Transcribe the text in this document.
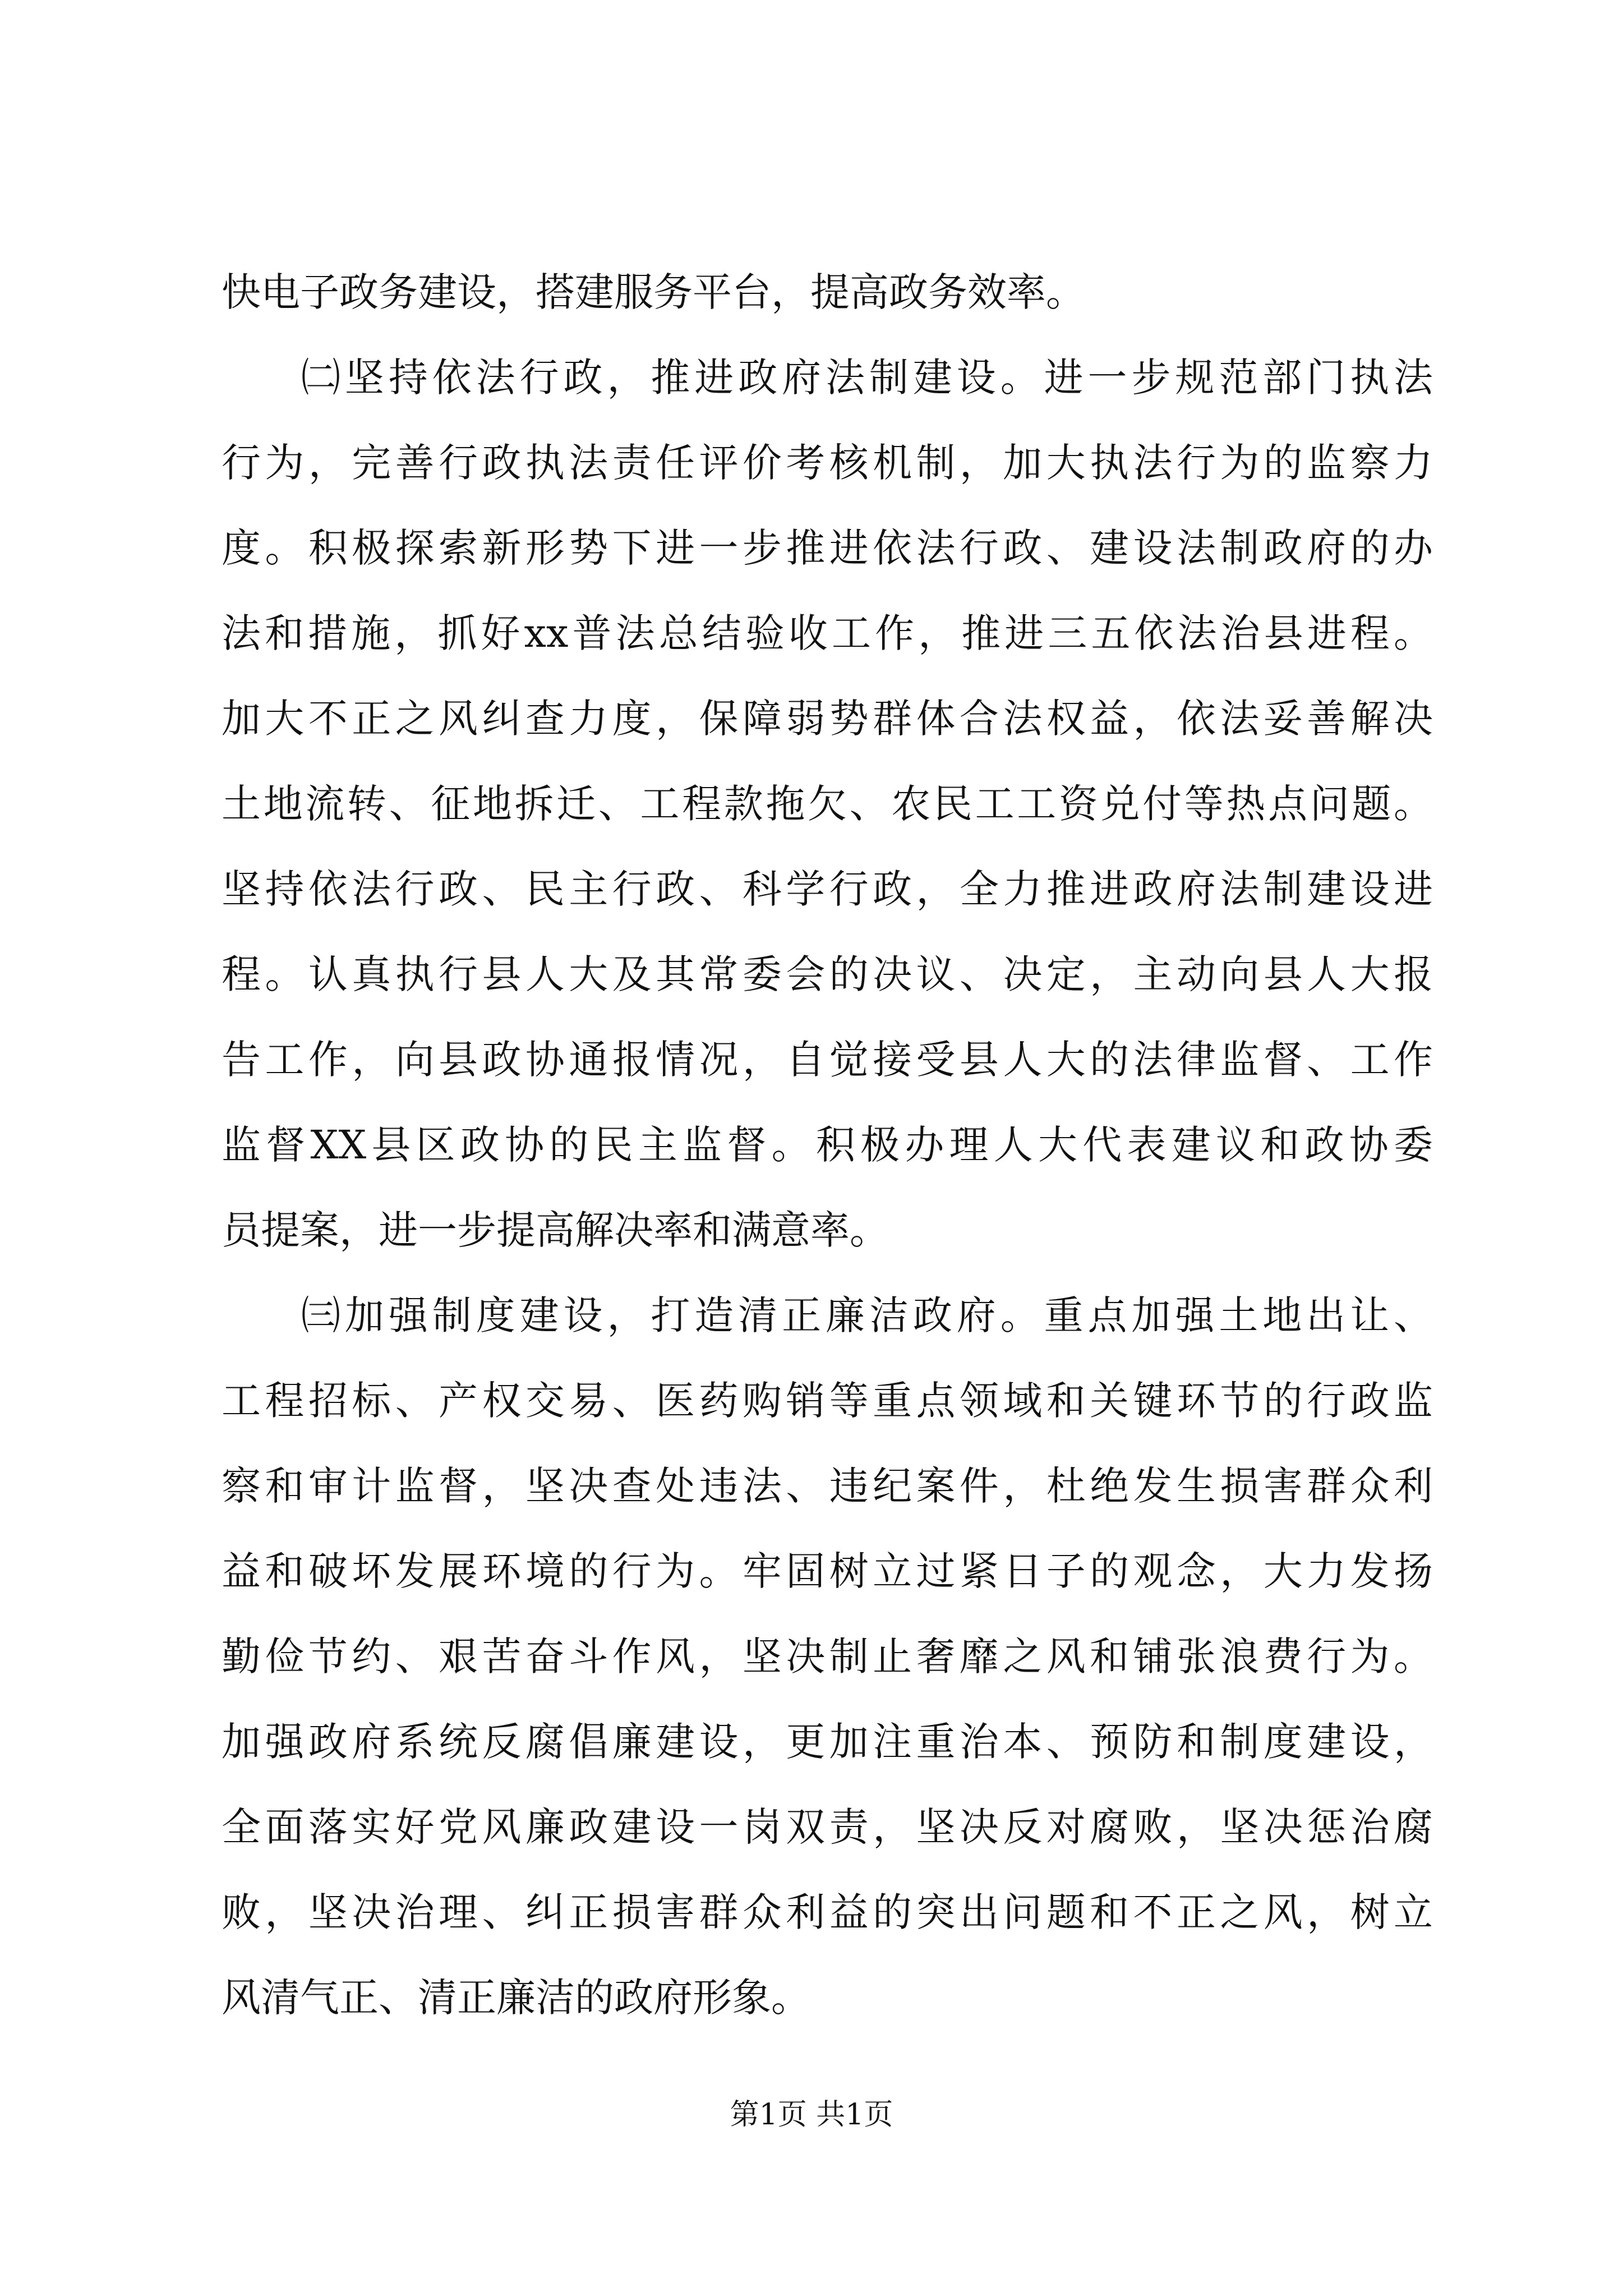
快电子政务建设，搭建服务平台，提高政务效率。
㈡坚持依法行政，推进政府法制建设。进一步规范部门执法
行为，完善行政执法责任评价考核机制，加大执法行为的监察力
度。积极探索新形势下进一步推进依法行政、建设法制政府的办
法和措施，抓好xx普法总结验收工作，推进三五依法治县进程。
加大不正之风纠查力度，保障弱势群体合法权益，依法妥善解决
土地流转、征地拆迁、工程款拖欠、农民工工资兑付等热点问题。
坚持依法行政、民主行政、科学行政，全力推进政府法制建设进
程。认真执行县人大及其常委会的决议、决定，主动向县人大报
告工作，向县政协通报情况，自觉接受县人大的法律监督、工作
监督XX县区政协的民主监督。积极办理人大代表建议和政协委
员提案，进一步提高解决率和满意率。
㈢加强制度建设，打造清正廉洁政府。重点加强土地出让、
工程招标、产权交易、医药购销等重点领域和关键环节的行政监
察和审计监督，坚决查处违法、违纪案件，杜绝发生损害群众利
益和破坏发展环境的行为。牢固树立过紧日子的观念，大力发扬
勤俭节约、艰苦奋斗作风，坚决制止奢靡之风和铺张浪费行为。
加强政府系统反腐倡廉建设，更加注重治本、预防和制度建设，
全面落实好党风廉政建设一岗双责，坚决反对腐败，坚决惩治腐
败，坚决治理、纠正损害群众利益的突出问题和不正之风，树立
风清气正、清正廉洁的政府形象。
第1页 共1页
